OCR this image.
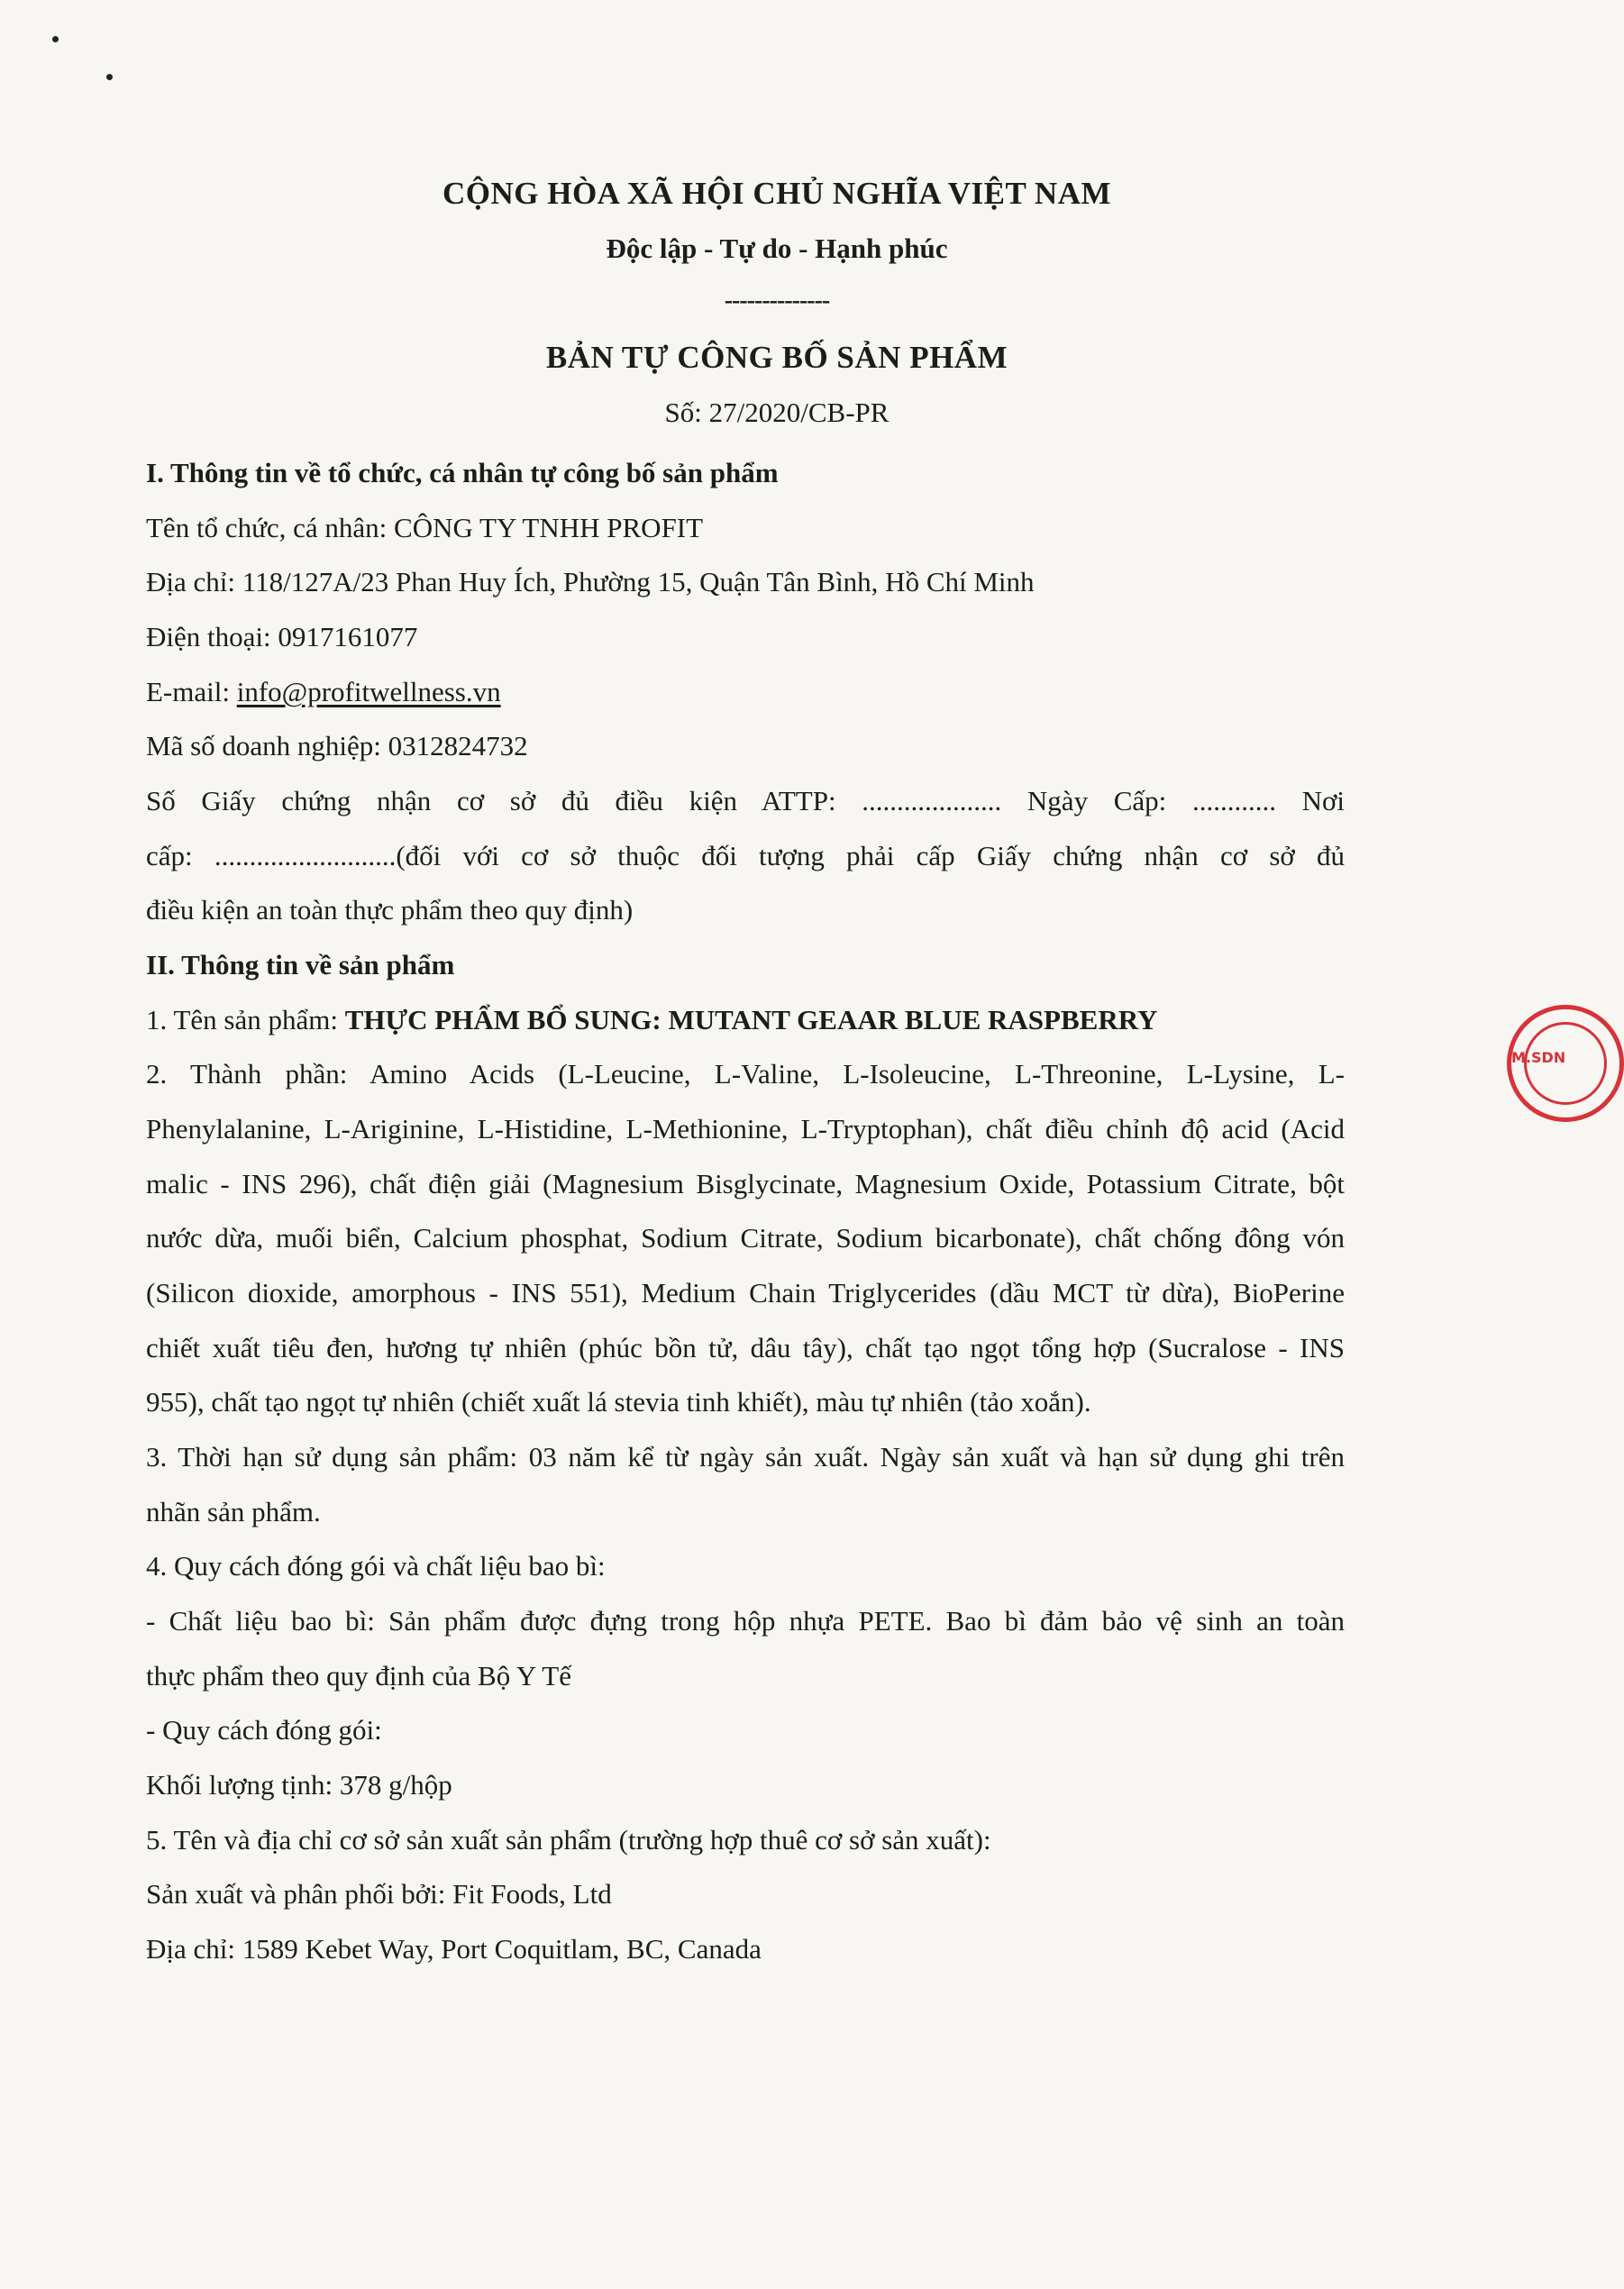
CỘNG HÒA XÃ HỘI CHỦ NGHĨA VIỆT NAM
Độc lập - Tự do - Hạnh phúc
--------------
BẢN TỰ CÔNG BỐ SẢN PHẨM
Số: 27/2020/CB-PR
I. Thông tin về tổ chức, cá nhân tự công bố sản phẩm
Tên tổ chức, cá nhân: CÔNG TY TNHH PROFIT
Địa chỉ: 118/127A/23 Phan Huy Ích, Phường 15, Quận Tân Bình, Hồ Chí Minh
Điện thoại: 0917161077
E-mail: info@profitwellness.vn
Mã số doanh nghiệp: 0312824732
Số Giấy chứng nhận cơ sở đủ điều kiện ATTP: .................... Ngày Cấp: ............ Nơi
cấp: ..........................(đối với cơ sở thuộc đối tượng phải cấp Giấy chứng nhận cơ sở đủ
điều kiện an toàn thực phẩm theo quy định)
II. Thông tin về sản phẩm
1. Tên sản phẩm: THỰC PHẨM BỔ SUNG: MUTANT GEAAR BLUE RASPBERRY
2. Thành phần: Amino Acids (L-Leucine, L-Valine, L-Isoleucine, L-Threonine, L-Lysine, L-
Phenylalanine, L-Ariginine, L-Histidine, L-Methionine, L-Tryptophan), chất điều chỉnh độ acid (Acid
malic - INS 296), chất điện giải (Magnesium Bisglycinate, Magnesium Oxide, Potassium Citrate, bột
nước dừa, muối biển, Calcium phosphat, Sodium Citrate, Sodium bicarbonate), chất chống đông vón
(Silicon dioxide, amorphous - INS 551), Medium Chain Triglycerides (dầu MCT từ dừa), BioPerine
chiết xuất tiêu đen, hương tự nhiên (phúc bồn tử, dâu tây), chất tạo ngọt tổng hợp (Sucralose - INS
955), chất tạo ngọt tự nhiên (chiết xuất lá stevia tinh khiết), màu tự nhiên (tảo xoắn).
3. Thời hạn sử dụng sản phẩm: 03 năm kể từ ngày sản xuất. Ngày sản xuất và hạn sử dụng ghi trên
nhãn sản phẩm.
4. Quy cách đóng gói và chất liệu bao bì:
- Chất liệu bao bì: Sản phẩm được đựng trong hộp nhựa PETE. Bao bì đảm bảo vệ sinh an toàn
thực phẩm theo quy định của Bộ Y Tế
- Quy cách đóng gói:
Khối lượng tịnh: 378 g/hộp
5. Tên và địa chỉ cơ sở sản xuất sản phẩm (trường hợp thuê cơ sở sản xuất):
Sản xuất và phân phối bởi: Fit Foods, Ltd
Địa chỉ: 1589 Kebet Way, Port Coquitlam, BC, Canada
M.SDN
